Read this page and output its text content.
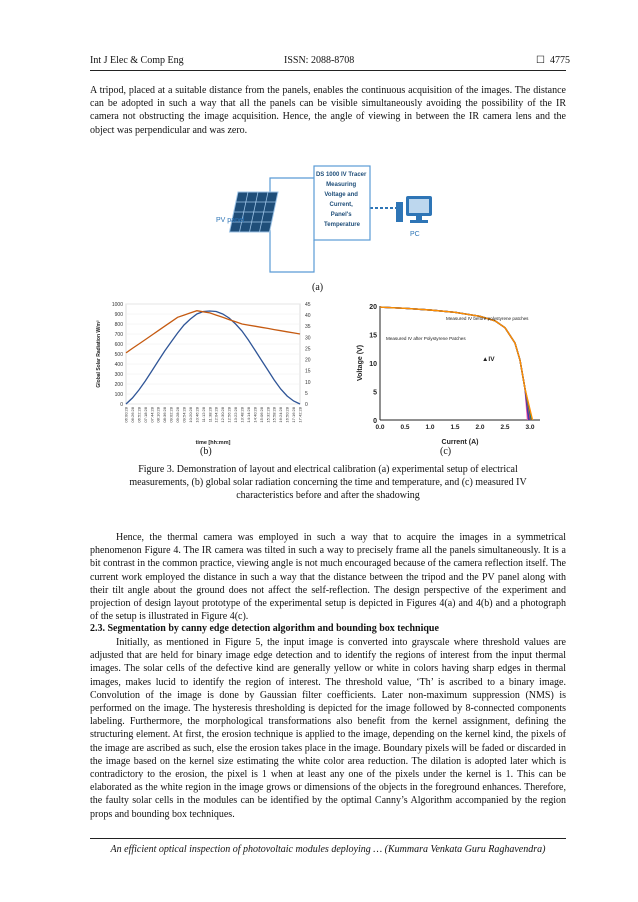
Int J Elec & Comp Eng	ISSN: 2088-8708	☐ 4775
A tripod, placed at a suitable distance from the panels, enables the continuous acquisition of the images. The distance can be adopted in such a way that all the panels can be visible simultaneously avoiding the possibility of the IR camera not obstructing the image acquisition. Hence, the angle of viewing in between the IR camera lens and the object was perpendicular and was zero.
PV panel
DS 1000 IV Tracer Measuring Voltage and Current, Panel's Temperature
PC
(a)
0
100
200
300
400
500
600
700
800
900
1000
0
5
10
15
20
25
30
35
40
45
06:00:28 06:26:28 06:52:28 07:18:28 07:44:28 08:10:28 08:36:28 09:02:28 09:28:28 09:54:28 10:20:28 10:46:28 11:12:28 11:38:28 12:04:28 12:30:28 12:56:28 13:22:28 13:48:28 14:14:28 14:40:28 15:06:28 15:32:28 15:58:28 16:24:28 16:50:28 17:16:28 17:42:28
Global Solar Radiation W/m²
time [hh:mm]
(b)
0
5
10
15
20
0.0 0.5 1.0 1.5 2.0 2.5 3.0
Voltage (V)
Current (A)
Measured IV before polystyrene patches
Measured IV after Polystyrene Patches
▲IV
(c)
Figure 3. Demonstration of layout and electrical calibration (a) experimental setup of electrical measurements, (b) global solar radiation concerning the time and temperature, and (c) measured IV characteristics before and after the shadowing
Hence, the thermal camera was employed in such a way that to acquire the images in a symmetrical phenomenon Figure 4. The IR camera was tilted in such a way to precisely frame all the panels simultaneously. It is a bit contrast in the common practice, viewing angle is not much encouraged because of the camera reflection itself. The current work employed the distance in such a way that the distance between the tripod and the PV panel along with their tilt angle about the ground does not affect the self-reflection. The design perspective of the experiment and projection of design layout prototype of the experimental setup is depicted in Figures 4(a) and 4(b) and a photograph of the setup is illustrated in Figure 4(c).
2.3. Segmentation by canny edge detection algorithm and bounding box technique
Initially, as mentioned in Figure 5, the input image is converted into grayscale where threshold values are adjusted that are held for binary image edge detection and to identify the regions of interest from the input thermal images. The solar cells of the defective kind are generally yellow or white in colors having sharp edges in thermal images, makes lucid to identify the region of interest. The threshold value, ‘Th’ is ascribed to a binary image. Convolution of the image is done by Gaussian filter coefficients. Later non-maximum suppression (NMS) is performed on the image. The hysteresis thresholding is depicted for the image followed by 8-connected components labeling. Furthermore, the morphological transformations also benefit from the kernel assignment, defining the structuring element. At first, the erosion technique is applied to the image, depending on the kernel kind, the pixels of the image are ascribed as such, else the erosion takes place in the image. Boundary pixels will be faded or discarded in the image based on the kernel size estimating the white color area reduction. The dilation is adopted later which is contradictory to the erosion, the pixel is 1 when at least any one of the pixels under the kernel is 1. This can be elaborated as the white region in the image grows or dimensions of the objects in the foreground enhances. Therefore, the faulty solar cells in the modules can be identified by the optimal Canny’s Algorithm accompanied by the region props and bounding box techniques.
An efficient optical inspection of photovoltaic modules deploying … (Kummara Venkata Guru Raghavendra)
